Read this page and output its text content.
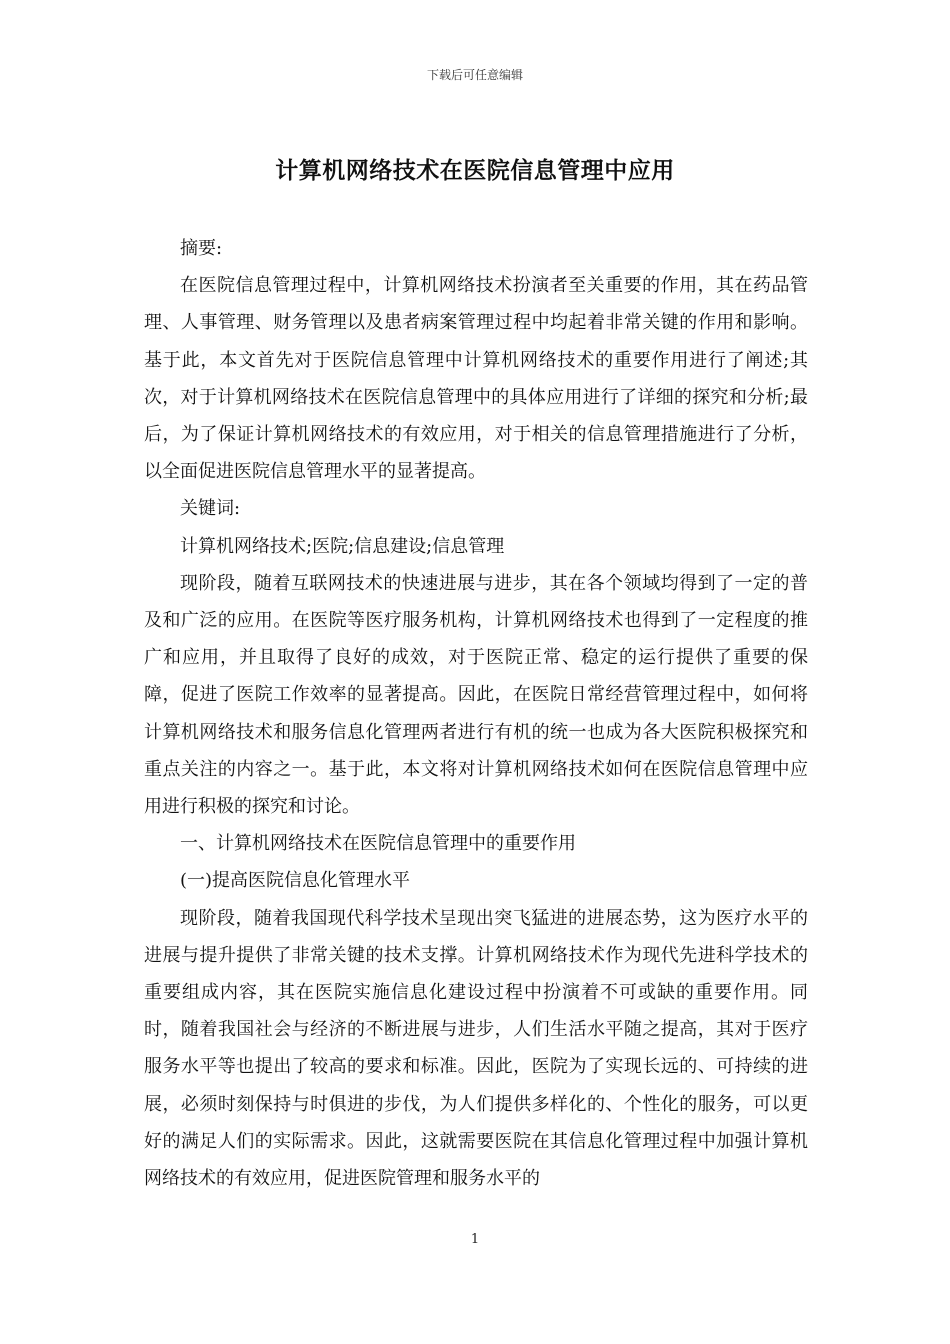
下载后可任意编辑
计算机网络技术在医院信息管理中应用

摘要:

在医院信息管理过程中，计算机网络技术扮演者至关重要的作用，其在药品管理、人事管理、财务管理以及患者病案管理过程中均起着非常关键的作用和影响。基于此，本文首先对于医院信息管理中计算机网络技术的重要作用进行了阐述;其次，对于计算机网络技术在医院信息管理中的具体应用进行了详细的探究和分析;最后，为了保证计算机网络技术的有效应用，对于相关的信息管理措施进行了分析，以全面促进医院信息管理水平的显著提高。

关键词:

计算机网络技术;医院;信息建设;信息管理

现阶段，随着互联网技术的快速进展与进步，其在各个领域均得到了一定的普及和广泛的应用。在医院等医疗服务机构，计算机网络技术也得到了一定程度的推广和应用，并且取得了良好的成效，对于医院正常、稳定的运行提供了重要的保障，促进了医院工作效率的显著提高。因此，在医院日常经营管理过程中，如何将计算机网络技术和服务信息化管理两者进行有机的统一也成为各大医院积极探究和重点关注的内容之一。基于此，本文将对计算机网络技术如何在医院信息管理中应用进行积极的探究和讨论。

一、计算机网络技术在医院信息管理中的重要作用

(一)提高医院信息化管理水平

现阶段，随着我国现代科学技术呈现出突飞猛进的进展态势，这为医疗水平的进展与提升提供了非常关键的技术支撑。计算机网络技术作为现代先进科学技术的重要组成内容，其在医院实施信息化建设过程中扮演着不可或缺的重要作用。同时，随着我国社会与经济的不断进展与进步，人们生活水平随之提高，其对于医疗服务水平等也提出了较高的要求和标准。因此，医院为了实现长远的、可持续的进展，必须时刻保持与时俱进的步伐，为人们提供多样化的、个性化的服务，可以更好的满足人们的实际需求。因此，这就需要医院在其信息化管理过程中加强计算机网络技术的有效应用，促进医院管理和服务水平的

1
